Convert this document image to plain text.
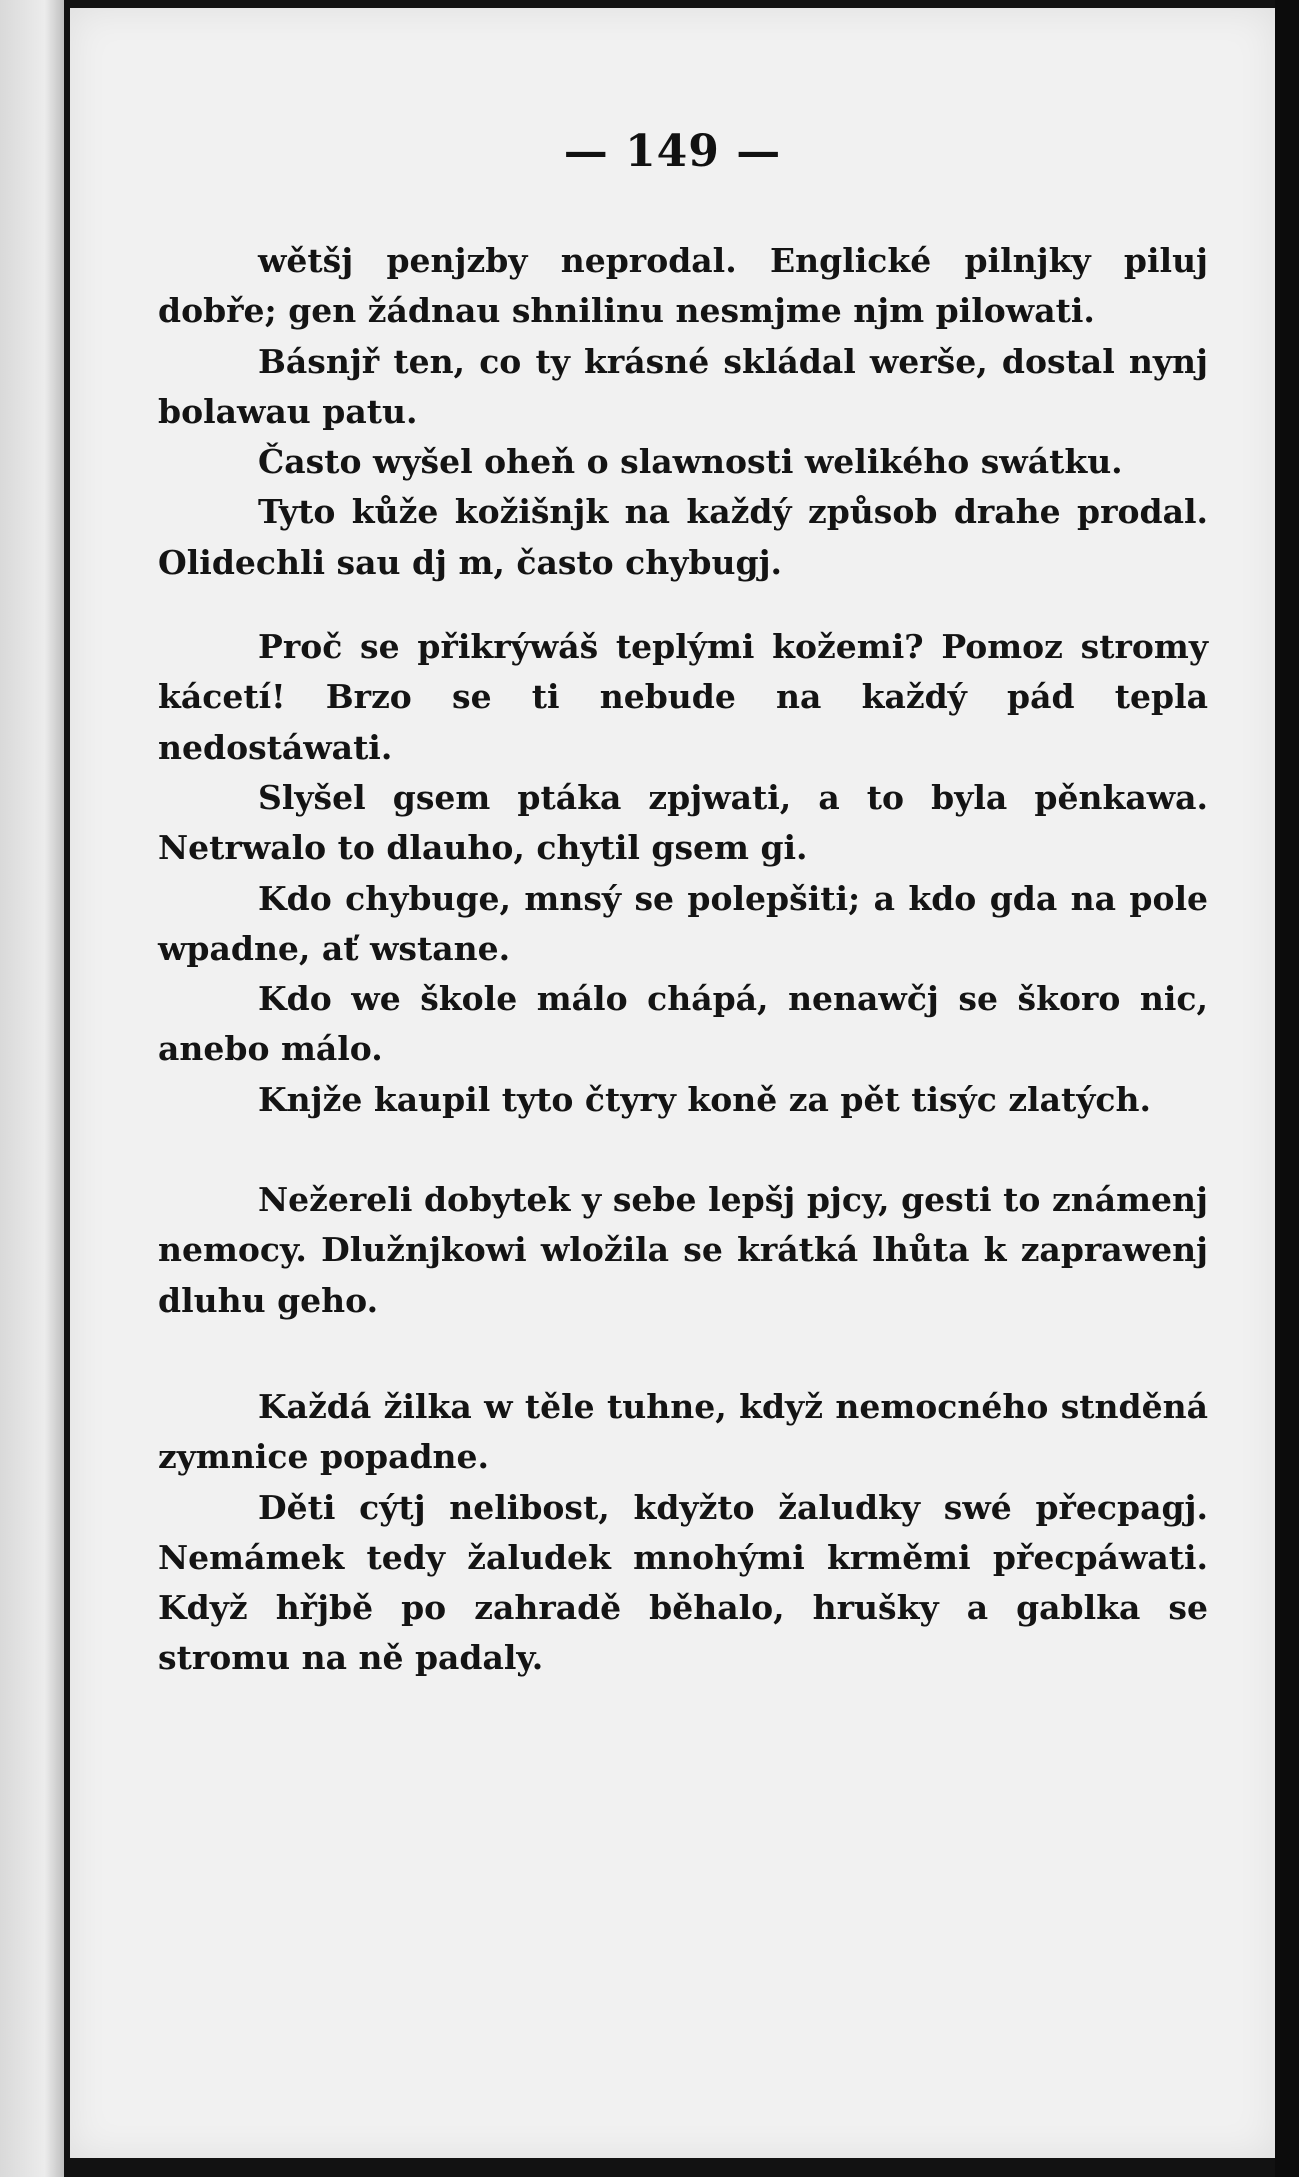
— 149 —

wětšj penjzby neprodal. Englické pilnjky piluj dobře; gen žádnau shnilinu nesmjme njm pilowati.

Básnjř ten, co ty krásné skládal werše, dostal nynj bolawau patu.

Často wyšel oheň o slawnosti welikého swátku.

Tyto kůže kožišnjk na každý způsob drahe prodal. Olidechli sau dj m, často chybugj.

Proč se přikrýwáš teplými kožemi? Pomoz stromy kácetí! Brzo se ti nebude na každý pád tepla nedostáwati.

Slyšel gsem ptáka zpjwati, a to byla pěnkawa. Netrwalo to dlauho, chytil gsem gi.

Kdo chybuge, mnsý se polepšiti; a kdo gda na pole wpadne, ať wstane.

Kdo we škole málo chápá, nenawčj se škoro nic, anebo málo.

Knjže kaupil tyto čtyry koně za pět tisýc zlatých.

Nežereli dobytek y sebe lepšj pjcy, gesti to známenj nemocy. Dlužnjkowi wložila se krátká lhůta k zaprawenj dluhu geho.

Každá žilka w těle tuhne, když nemocného stnděná zymnice popadne.

Děti cýtj nelibost, kdyžto žaludky swé přecpagj. Nemámek tedy žaludek mnohými krměmi přecpáwati. Když hřjbě po zahradě běhalo, hrušky a gablka se stromu na ně padaly.
